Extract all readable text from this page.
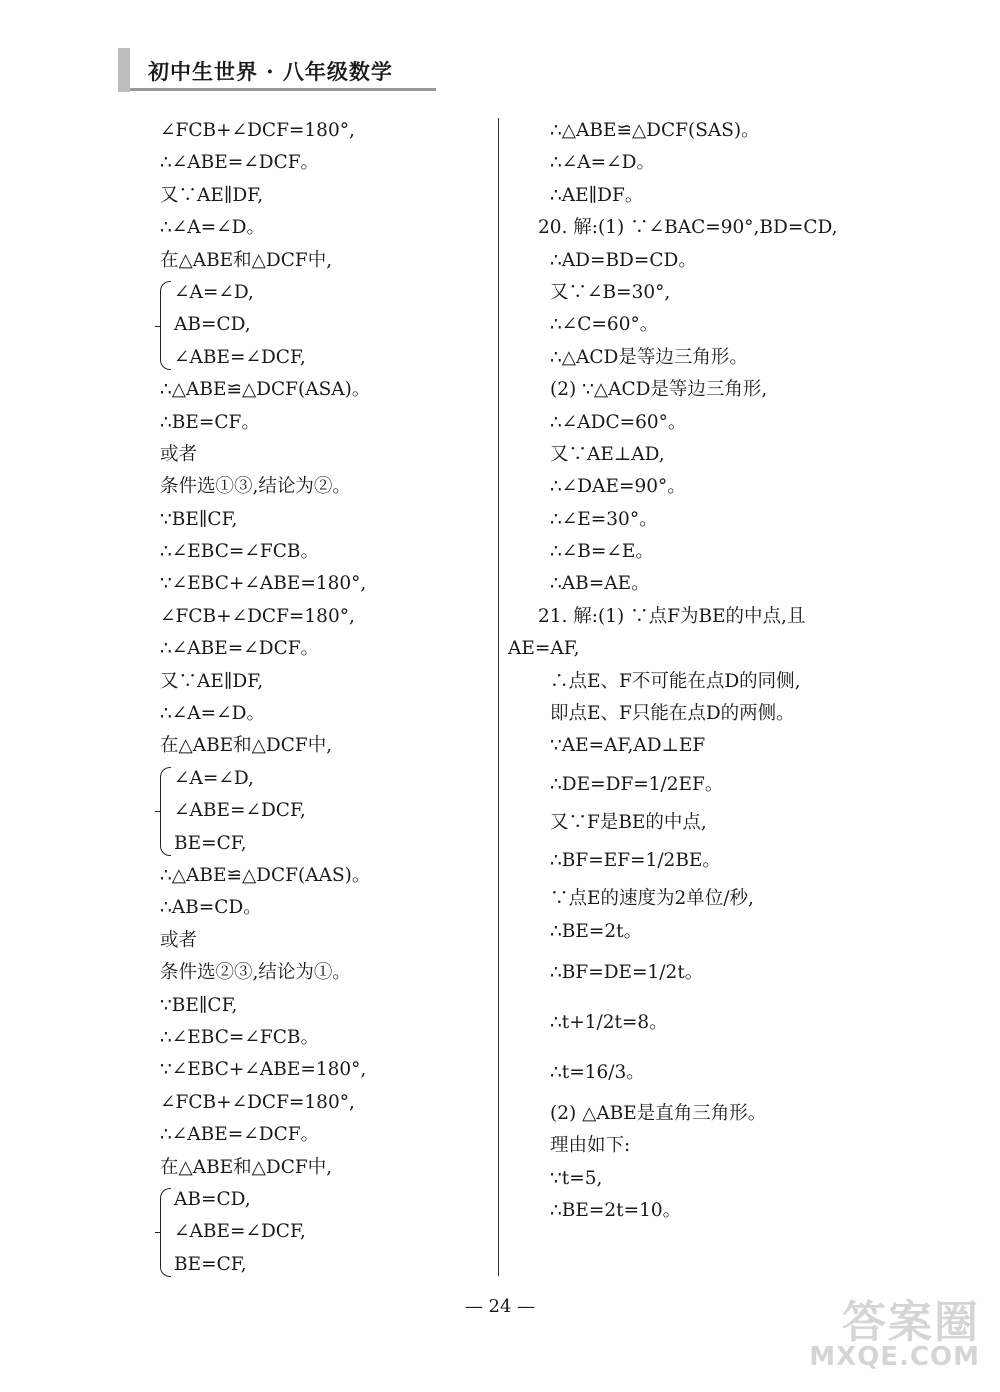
初中生世界 · 八年级数学
∠FCB+∠DCF=180°,
∴∠ABE=∠DCF。
又∵AE∥DF,
∴∠A=∠D。
在△ABE和△DCF中,
∠A=∠D,
AB=CD,
∠ABE=∠DCF,
∴△ABE≌△DCF(ASA)。
∴BE=CF。
或者
条件选①③,结论为②。
∵BE∥CF,
∴∠EBC=∠FCB。
∵∠EBC+∠ABE=180°,
∠FCB+∠DCF=180°,
∴∠ABE=∠DCF。
又∵AE∥DF,
∴∠A=∠D。
在△ABE和△DCF中,
∠A=∠D,
∠ABE=∠DCF,
BE=CF,
∴△ABE≌△DCF(AAS)。
∴AB=CD。
或者
条件选②③,结论为①。
∵BE∥CF,
∴∠EBC=∠FCB。
∵∠EBC+∠ABE=180°,
∠FCB+∠DCF=180°,
∴∠ABE=∠DCF。
在△ABE和△DCF中,
AB=CD,
∠ABE=∠DCF,
BE=CF,
∴△ABE≌△DCF(SAS)。
∴∠A=∠D。
∴AE∥DF。
20. 解:(1) ∵∠BAC=90°,BD=CD,
∴AD=BD=CD。
又∵∠B=30°,
∴∠C=60°。
∴△ACD是等边三角形。
(2) ∵△ACD是等边三角形,
∴∠ADC=60°。
又∵AE⊥AD,
∴∠DAE=90°。
∴∠E=30°。
∴∠B=∠E。
∴AB=AE。
21. 解:(1) ∵点F为BE的中点,且
AE=AF,
∴点E、F不可能在点D的同侧,
即点E、F只能在点D的两侧。
∵AE=AF,AD⊥EF
∴DE=DF=1/2EF。
又∵F是BE的中点,
∴BF=EF=1/2BE。
∵点E的速度为2单位/秒,
∴BE=2t。
∴BF=DE=1/2t。
∴t+1/2t=8。
∴t=16/3。
(2) △ABE是直角三角形。
理由如下:
∵t=5,
∴BE=2t=10。
— 24 —	答案圈
MXQE.COM
